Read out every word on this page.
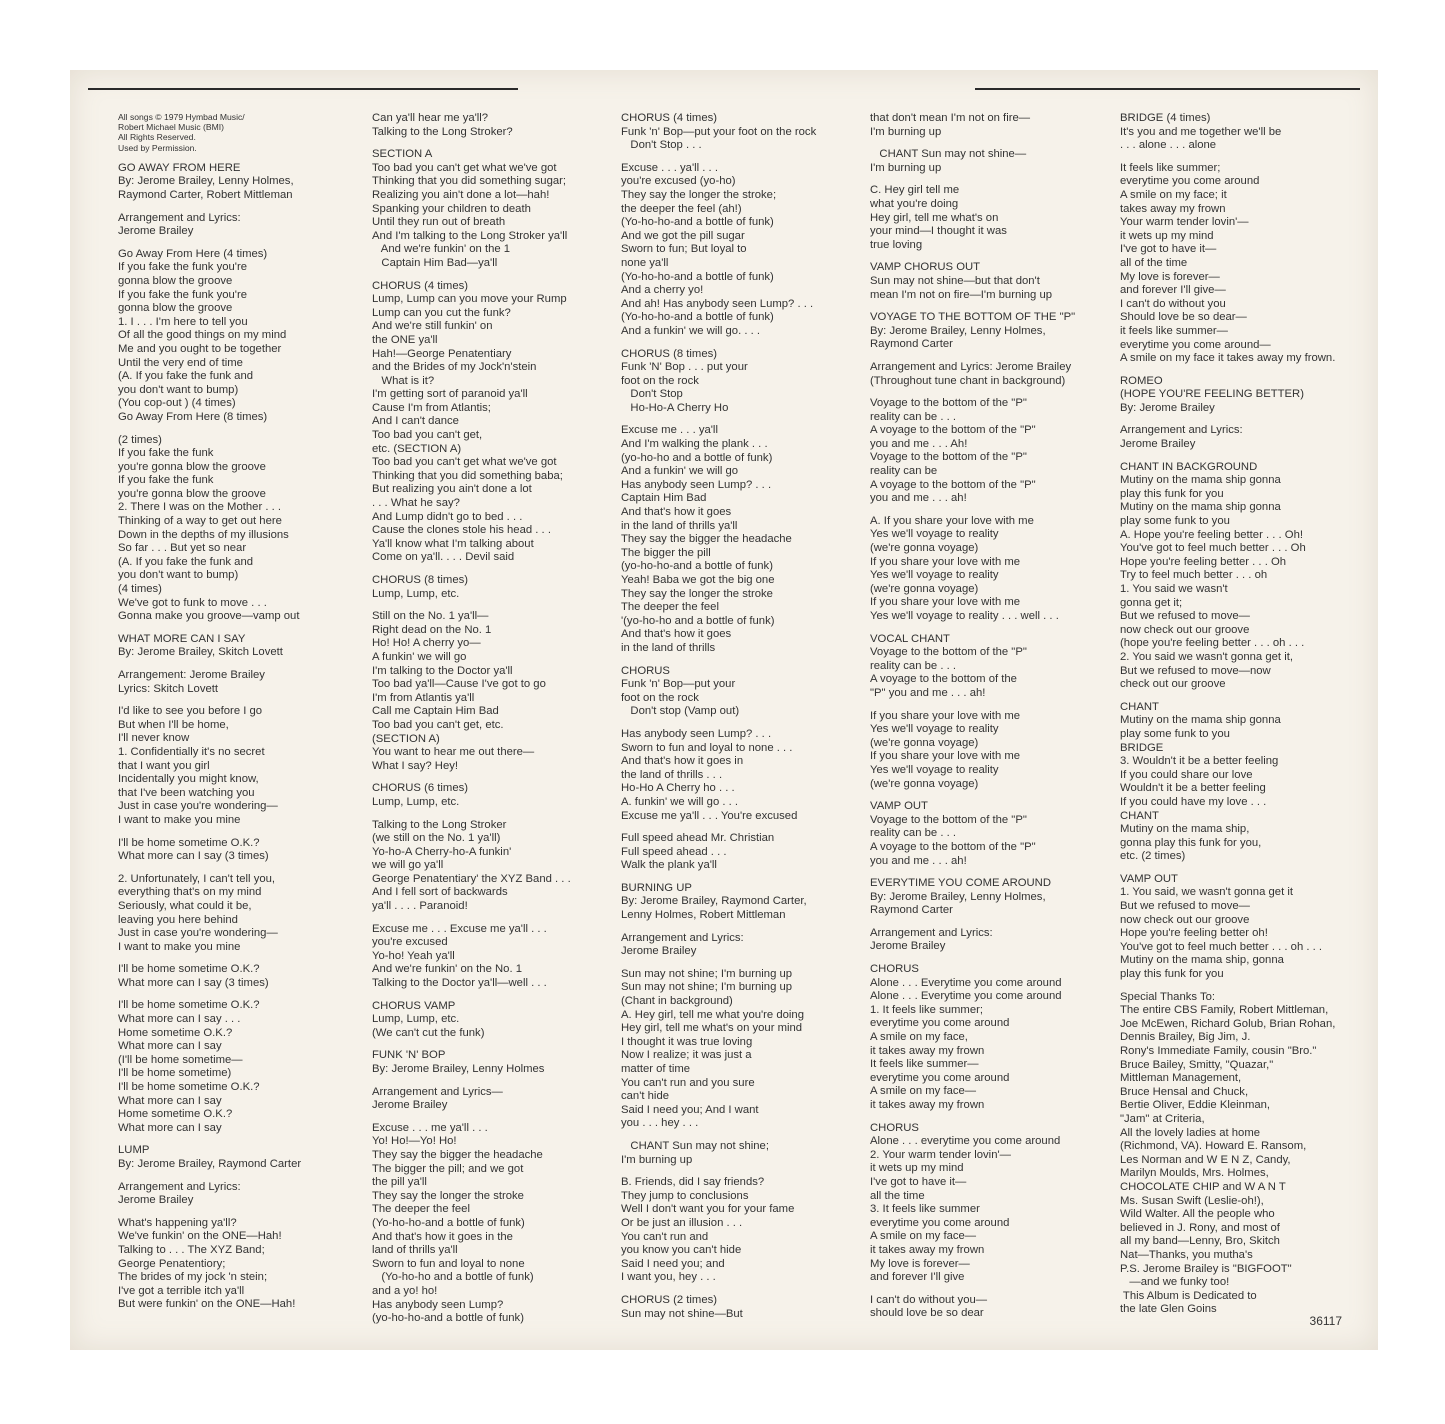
All songs © 1979 Hymbad Music/
Robert Michael Music (BMI)
All Rights Reserved.
Used by Permission.
GO AWAY FROM HERE
By: Jerome Brailey, Lenny Holmes,
Raymond Carter, Robert Mittleman
Arrangement and Lyrics:
Jerome Brailey
Go Away From Here (4 times)
If you fake the funk you're
gonna blow the groove
If you fake the funk you're
gonna blow the groove
1. I . . . I'm here to tell you
Of all the good things on my mind
Me and you ought to be together
Until the very end of time
(A. If you fake the funk and
you don't want to bump)
(You cop-out ) (4 times)
Go Away From Here (8 times)
(2 times)
If you fake the funk
you're gonna blow the groove
If you fake the funk
you're gonna blow the groove
2. There I was on the Mother . . .
Thinking of a way to get out here
Down in the depths of my illusions
So far . . . But yet so near
(A. If you fake the funk and
you don't want to bump)
(4 times)
We've got to funk to move . . .
Gonna make you groove—vamp out
WHAT MORE CAN I SAY
By: Jerome Brailey, Skitch Lovett
Arrangement: Jerome Brailey
Lyrics: Skitch Lovett
I'd like to see you before I go
But when I'll be home,
I'll never know
1. Confidentially it's no secret
that I want you girl
Incidentally you might know,
that I've been watching you
Just in case you're wondering—
I want to make you mine
I'll be home sometime O.K.?
What more can I say (3 times)
2. Unfortunately, I can't tell you,
everything that's on my mind
Seriously, what could it be,
leaving you here behind
Just in case you're wondering—
I want to make you mine
I'll be home sometime O.K.?
What more can I say (3 times)
I'll be home sometime O.K.?
What more can I say . . .
Home sometime O.K.?
What more can I say
(I'll be home sometime—
I'll be home sometime)
I'll be home sometime O.K.?
What more can I say
Home sometime O.K.?
What more can I say
LUMP
By: Jerome Brailey, Raymond Carter
Arrangement and Lyrics:
Jerome Brailey
What's happening ya'll?
We've funkin' on the ONE—Hah!
Talking to . . . The XYZ Band;
George Penatentiory;
The brides of my jock 'n stein;
I've got a terrible itch ya'll
But were funkin' on the ONE—Hah!
Can ya'll hear me ya'll?
Talking to the Long Stroker?
SECTION A
Too bad you can't get what we've got
Thinking that you did something sugar;
Realizing you ain't done a lot—hah!
Spanking your children to death
Until they run out of breath
And I'm talking to the Long Stroker ya'll
And we're funkin' on the 1
Captain Him Bad—ya'll
CHORUS (4 times)
Lump, Lump can you move your Rump
Lump can you cut the funk?
And we're still funkin' on
the ONE ya'll
Hah!—George Penatentiary
and the Brides of my Jock'n'stein
What is it?
I'm getting sort of paranoid ya'll
Cause I'm from Atlantis;
And I can't dance
Too bad you can't get,
etc. (SECTION A)
Too bad you can't get what we've got
Thinking that you did something baba;
But realizing you ain't done a lot
. . . What he say?
And Lump didn't go to bed . . .
Cause the clones stole his head . . .
Ya'll know what I'm talking about
Come on ya'll. . . . Devil said
CHORUS (8 times)
Lump, Lump, etc.
Still on the No. 1 ya'll—
Right dead on the No. 1
Ho! Ho! A cherry yo—
A funkin' we will go
I'm talking to the Doctor ya'll
Too bad ya'll—Cause I've got to go
I'm from Atlantis ya'll
Call me Captain Him Bad
Too bad you can't get, etc.
(SECTION A)
You want to hear me out there—
What I say? Hey!
CHORUS (6 times)
Lump, Lump, etc.
Talking to the Long Stroker
(we still on the No. 1 ya'll)
Yo-ho-A Cherry-ho-A funkin'
we will go ya'll
George Penatentiary' the XYZ Band . . .
And I fell sort of backwards
ya'll . . . . Paranoid!
Excuse me . . . Excuse me ya'll . . .
you're excused
Yo-ho! Yeah ya'll
And we're funkin' on the No. 1
Talking to the Doctor ya'll—well . . .
CHORUS VAMP
Lump, Lump, etc.
(We can't cut the funk)
FUNK 'N' BOP
By: Jerome Brailey, Lenny Holmes
Arrangement and Lyrics—
Jerome Brailey
Excuse . . . me ya'll . . .
Yo! Ho!—Yo! Ho!
They say the bigger the headache
The bigger the pill; and we got
the pill ya'll
They say the longer the stroke
The deeper the feel
(Yo-ho-ho-and a bottle of funk)
And that's how it goes in the
land of thrills ya'll
Sworn to fun and loyal to none
(Yo-ho-ho and a bottle of funk)
and a yo! ho!
Has anybody seen Lump?
(yo-ho-ho-and a bottle of funk)
CHORUS (4 times)
Funk 'n' Bop—put your foot on the rock
Don't Stop . . .
Excuse . . . ya'll . . .
you're excused (yo-ho)
They say the longer the stroke;
the deeper the feel (ah!)
(Yo-ho-ho-and a bottle of funk)
And we got the pill sugar
Sworn to fun; But loyal to
none ya'll
(Yo-ho-ho-and a bottle of funk)
And a cherry yo!
And ah! Has anybody seen Lump? . . .
(Yo-ho-ho-and a bottle of funk)
And a funkin' we will go. . . .
CHORUS (8 times)
Funk 'N' Bop . . . put your
foot on the rock
Don't Stop
Ho-Ho-A Cherry Ho
Excuse me . . . ya'll
And I'm walking the plank . . .
(yo-ho-ho and a bottle of funk)
And a funkin' we will go
Has anybody seen Lump? . . .
Captain Him Bad
And that's how it goes
in the land of thrills ya'll
They say the bigger the headache
The bigger the pill
(yo-ho-ho-and a bottle of funk)
Yeah! Baba we got the big one
They say the longer the stroke
The deeper the feel
'(yo-ho-ho and a bottle of funk)
And that's how it goes
in the land of thrills
CHORUS
Funk 'n' Bop—put your
foot on the rock
Don't stop (Vamp out)
Has anybody seen Lump? . . .
Sworn to fun and loyal to none . . .
And that's how it goes in
the land of thrills . . .
Ho-Ho A Cherry ho . . .
A. funkin' we will go . . .
Excuse me ya'll . . . You're excused
Full speed ahead Mr. Christian
Full speed ahead . . .
Walk the plank ya'll
BURNING UP
By: Jerome Brailey, Raymond Carter,
Lenny Holmes, Robert Mittleman
Arrangement and Lyrics:
Jerome Brailey
Sun may not shine; I'm burning up
Sun may not shine; I'm burning up
(Chant in background)
A. Hey girl, tell me what you're doing
Hey girl, tell me what's on your mind
I thought it was true loving
Now I realize; it was just a
matter of time
You can't run and you sure
can't hide
Said I need you; And I want
you . . . hey . . .
CHANT Sun may not shine;
I'm burning up
B. Friends, did I say friends?
They jump to conclusions
Well I don't want you for your fame
Or be just an illusion . . .
You can't run and
you know you can't hide
Said I need you; and
I want you, hey . . .
CHORUS (2 times)
Sun may not shine—But
that don't mean I'm not on fire—
I'm burning up
CHANT Sun may not shine—
I'm burning up
C. Hey girl tell me
what you're doing
Hey girl, tell me what's on
your mind—I thought it was
true loving
VAMP CHORUS OUT
Sun may not shine—but that don't
mean I'm not on fire—I'm burning up
VOYAGE TO THE BOTTOM OF THE "P"
By: Jerome Brailey, Lenny Holmes,
Raymond Carter
Arrangement and Lyrics: Jerome Brailey
(Throughout tune chant in background)
Voyage to the bottom of the "P"
reality can be . . .
A voyage to the bottom of the "P"
you and me . . . Ah!
Voyage to the bottom of the "P"
reality can be
A voyage to the bottom of the "P"
you and me . . . ah!
A. If you share your love with me
Yes we'll voyage to reality
(we're gonna voyage)
If you share your love with me
Yes we'll voyage to reality
(we're gonna voyage)
If you share your love with me
Yes we'll voyage to reality . . . well . . .
VOCAL CHANT
Voyage to the bottom of the "P"
reality can be . . .
A voyage to the bottom of the
"P" you and me . . . ah!
If you share your love with me
Yes we'll voyage to reality
(we're gonna voyage)
If you share your love with me
Yes we'll voyage to reality
(we're gonna voyage)
VAMP OUT
Voyage to the bottom of the "P"
reality can be . . .
A voyage to the bottom of the "P"
you and me . . . ah!
EVERYTIME YOU COME AROUND
By: Jerome Brailey, Lenny Holmes,
Raymond Carter
Arrangement and Lyrics:
Jerome Brailey
CHORUS
Alone . . . Everytime you come around
Alone . . . Everytime you come around
1. It feels like summer;
everytime you come around
A smile on my face,
it takes away my frown
It feels like summer—
everytime you come around
A smile on my face—
it takes away my frown
CHORUS
Alone . . . everytime you come around
2. Your warm tender lovin'—
it wets up my mind
I've got to have it—
all the time
3. It feels like summer
everytime you come around
A smile on my face—
it takes away my frown
My love is forever—
and forever I'll give
I can't do without you—
should love be so dear
BRIDGE (4 times)
It's you and me together we'll be
. . . alone . . . alone
It feels like summer;
everytime you come around
A smile on my face; it
takes away my frown
Your warm tender lovin'—
it wets up my mind
I've got to have it—
all of the time
My love is forever—
and forever I'll give—
I can't do without you
Should love be so dear—
it feels like summer—
everytime you come around—
A smile on my face it takes away my frown.
ROMEO
(HOPE YOU'RE FEELING BETTER)
By: Jerome Brailey
Arrangement and Lyrics:
Jerome Brailey
CHANT IN BACKGROUND
Mutiny on the mama ship gonna
play this funk for you
Mutiny on the mama ship gonna
play some funk to you
A. Hope you're feeling better . . . Oh!
You've got to feel much better . . . Oh
Hope you're feeling better . . . Oh
Try to feel much better . . . oh
1. You said we wasn't
gonna get it;
But we refused to move—
now check out our groove
(hope you're feeling better . . . oh . . .
2. You said we wasn't gonna get it,
But we refused to move—now
check out our groove
CHANT
Mutiny on the mama ship gonna
play some funk to you
BRIDGE
3. Wouldn't it be a better feeling
If you could share our love
Wouldn't it be a better feeling
If you could have my love . . .
CHANT
Mutiny on the mama ship,
gonna play this funk for you,
etc. (2 times)
VAMP OUT
1. You said, we wasn't gonna get it
But we refused to move—
now check out our groove
Hope you're feeling better oh!
You've got to feel much better . . . oh . . .
Mutiny on the mama ship, gonna
play this funk for you
Special Thanks To:
The entire CBS Family, Robert Mittleman,
Joe McEwen, Richard Golub, Brian Rohan,
Dennis Brailey, Big Jim, J.
Rony's Immediate Family, cousin "Bro."
Bruce Bailey, Smitty, "Quazar,"
Mittleman Management,
Bruce Hensal and Chuck,
Bertie Oliver, Eddie Kleinman,
"Jam" at Criteria,
All the lovely ladies at home
(Richmond, VA). Howard E. Ransom,
Les Norman and W E N Z, Candy,
Marilyn Moulds, Mrs. Holmes,
CHOCOLATE CHIP and W A N T
Ms. Susan Swift (Leslie-oh!),
Wild Walter. All the people who
believed in J. Rony, and most of
all my band—Lenny, Bro, Skitch
Nat—Thanks, you mutha's
P.S. Jerome Brailey is "BIGFOOT"
—and we funky too!
This Album is Dedicated to
the late Glen Goins
36117
